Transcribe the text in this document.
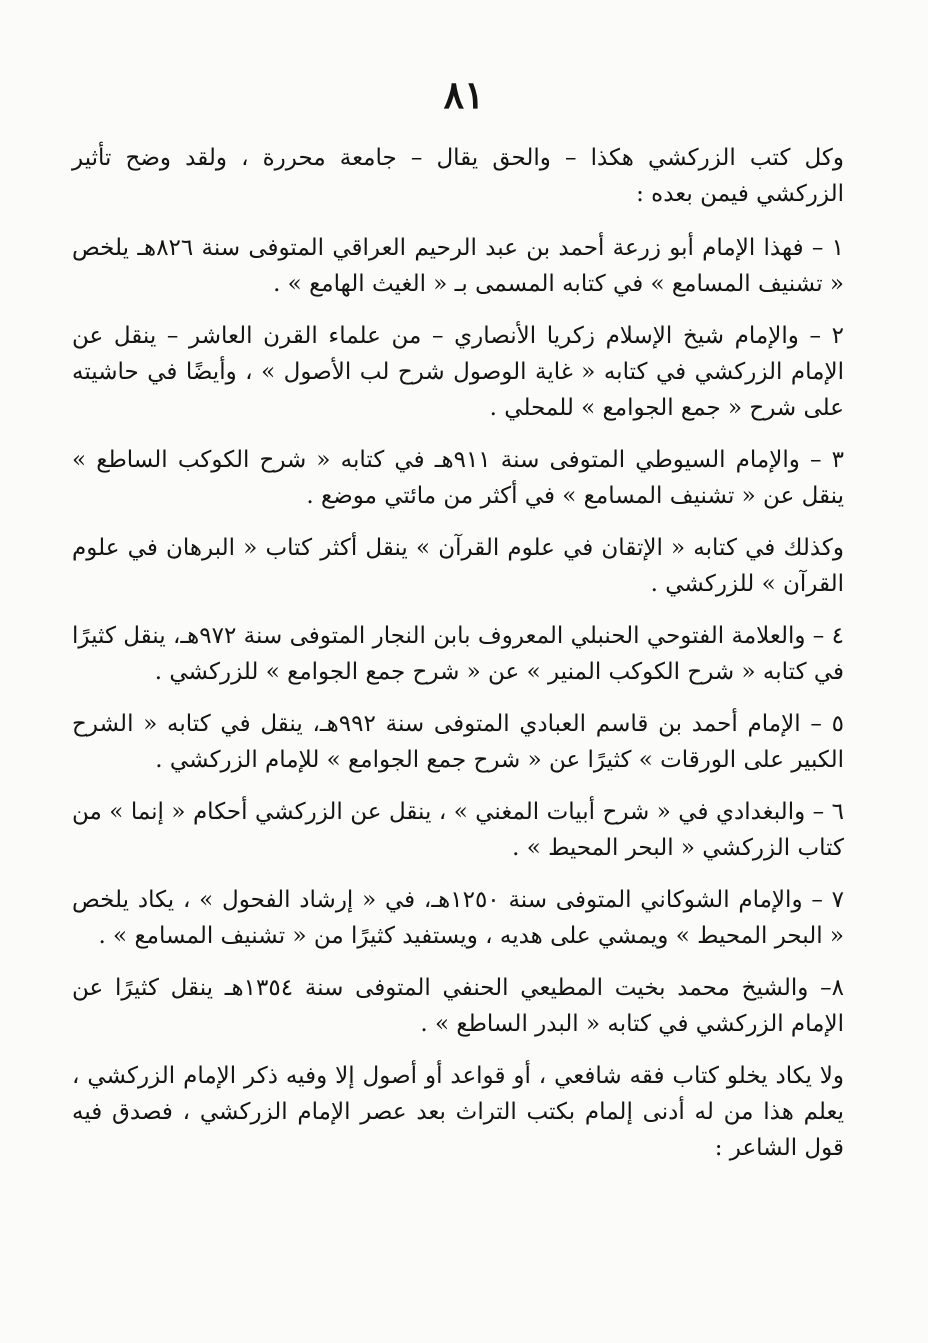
٨١

وكل كتب الزركشي هكذا – والحق يقال – جامعة محررة ، ولقد وضح تأثير الزركشي فيمن بعده :

١ – فهذا الإمام أبو زرعة أحمد بن عبد الرحيم العراقي المتوفى سنة ٨٢٦هـ يلخص « تشنيف المسامع » في كتابه المسمى بـ « الغيث الهامع » .

٢ – والإمام شيخ الإسلام زكريا الأنصاري – من علماء القرن العاشر – ينقل عن الإمام الزركشي في كتابه « غاية الوصول شرح لب الأصول » ، وأيضًا في حاشيته على شرح « جمع الجوامع » للمحلي .

٣ – والإمام السيوطي المتوفى سنة ٩١١هـ في كتابه « شرح الكوكب الساطع » ينقل عن « تشنيف المسامع » في أكثر من مائتي موضع .

وكذلك في كتابه « الإتقان في علوم القرآن » ينقل أكثر كتاب « البرهان في علوم القرآن » للزركشي .

٤ – والعلامة الفتوحي الحنبلي المعروف بابن النجار المتوفى سنة ٩٧٢هـ، ينقل كثيرًا في كتابه « شرح الكوكب المنير » عن « شرح جمع الجوامع » للزركشي .

٥ – الإمام أحمد بن قاسم العبادي المتوفى سنة ٩٩٢هـ، ينقل في كتابه « الشرح الكبير على الورقات » كثيرًا عن « شرح جمع الجوامع » للإمام الزركشي .

٦ – والبغدادي في « شرح أبيات المغني » ، ينقل عن الزركشي أحكام « إنما » من كتاب الزركشي « البحر المحيط » .

٧ – والإمام الشوكاني المتوفى سنة ١٢٥٠هـ، في « إرشاد الفحول » ، يكاد يلخص « البحر المحيط » ويمشي على هديه ، ويستفيد كثيرًا من « تشنيف المسامع » .

٨– والشيخ محمد بخيت المطيعي الحنفي المتوفى سنة ١٣٥٤هـ ينقل كثيرًا عن الإمام الزركشي في كتابه « البدر الساطع » .

ولا يكاد يخلو كتاب فقه شافعي ، أو قواعد أو أصول إلا وفيه ذكر الإمام الزركشي ، يعلم هذا من له أدنى إلمام بكتب التراث بعد عصر الإمام الزركشي ، فصدق فيه قول الشاعر :
